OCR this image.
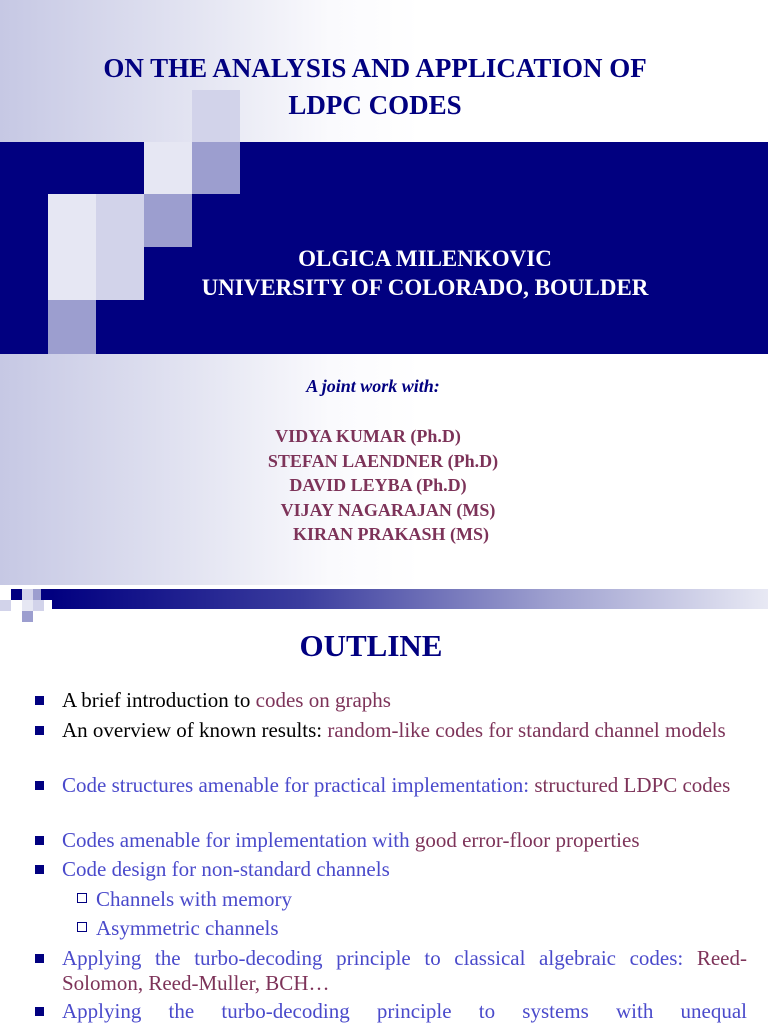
ON THE ANALYSIS AND APPLICATION OF
LDPC CODES
OLGICA MILENKOVIC
UNIVERSITY OF COLORADO, BOULDER
A joint work with:
VIDYA KUMAR (Ph.D)
STEFAN LAENDNER (Ph.D)
DAVID LEYBA (Ph.D)
VIJAY NAGARAJAN (MS)
KIRAN PRAKASH (MS)
OUTLINE
A brief introduction to codes on graphs
An overview of known results: random-like codes for standard channel models
Code structures amenable for practical implementation: structured LDPC codes
Codes amenable for implementation with good error-floor properties
Code design for non-standard channels
Channels with memory
Asymmetric channels
Applying the turbo-decoding principle to classical algebraic codes: Reed-Solomon, Reed-Muller, BCH…
Applying the turbo-decoding principle to systems with unequal
